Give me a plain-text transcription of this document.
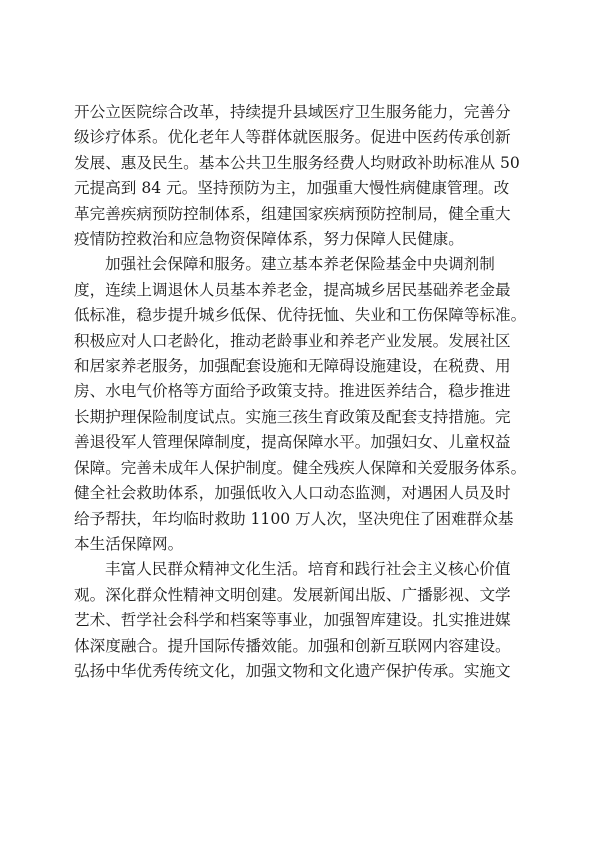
开公立医院综合改革，持续提升县域医疗卫生服务能力，完善分
级诊疗体系。优化老年人等群体就医服务。促进中医药传承创新
发展、惠及民生。基本公共卫生服务经费人均财政补助标准从 50
元提高到 84 元。坚持预防为主，加强重大慢性病健康管理。改
革完善疾病预防控制体系，组建国家疾病预防控制局，健全重大
疫情防控救治和应急物资保障体系，努力保障人民健康。
加强社会保障和服务。建立基本养老保险基金中央调剂制
度，连续上调退休人员基本养老金，提高城乡居民基础养老金最
低标准，稳步提升城乡低保、优待抚恤、失业和工伤保障等标准。
积极应对人口老龄化，推动老龄事业和养老产业发展。发展社区
和居家养老服务，加强配套设施和无障碍设施建设，在税费、用
房、水电气价格等方面给予政策支持。推进医养结合，稳步推进
长期护理保险制度试点。实施三孩生育政策及配套支持措施。完
善退役军人管理保障制度，提高保障水平。加强妇女、儿童权益
保障。完善未成年人保护制度。健全残疾人保障和关爱服务体系。
健全社会救助体系，加强低收入人口动态监测，对遇困人员及时
给予帮扶，年均临时救助 1100 万人次，坚决兜住了困难群众基
本生活保障网。
丰富人民群众精神文化生活。培育和践行社会主义核心价值
观。深化群众性精神文明创建。发展新闻出版、广播影视、文学
艺术、哲学社会科学和档案等事业，加强智库建设。扎实推进媒
体深度融合。提升国际传播效能。加强和创新互联网内容建设。
弘扬中华优秀传统文化，加强文物和文化遗产保护传承。实施文
